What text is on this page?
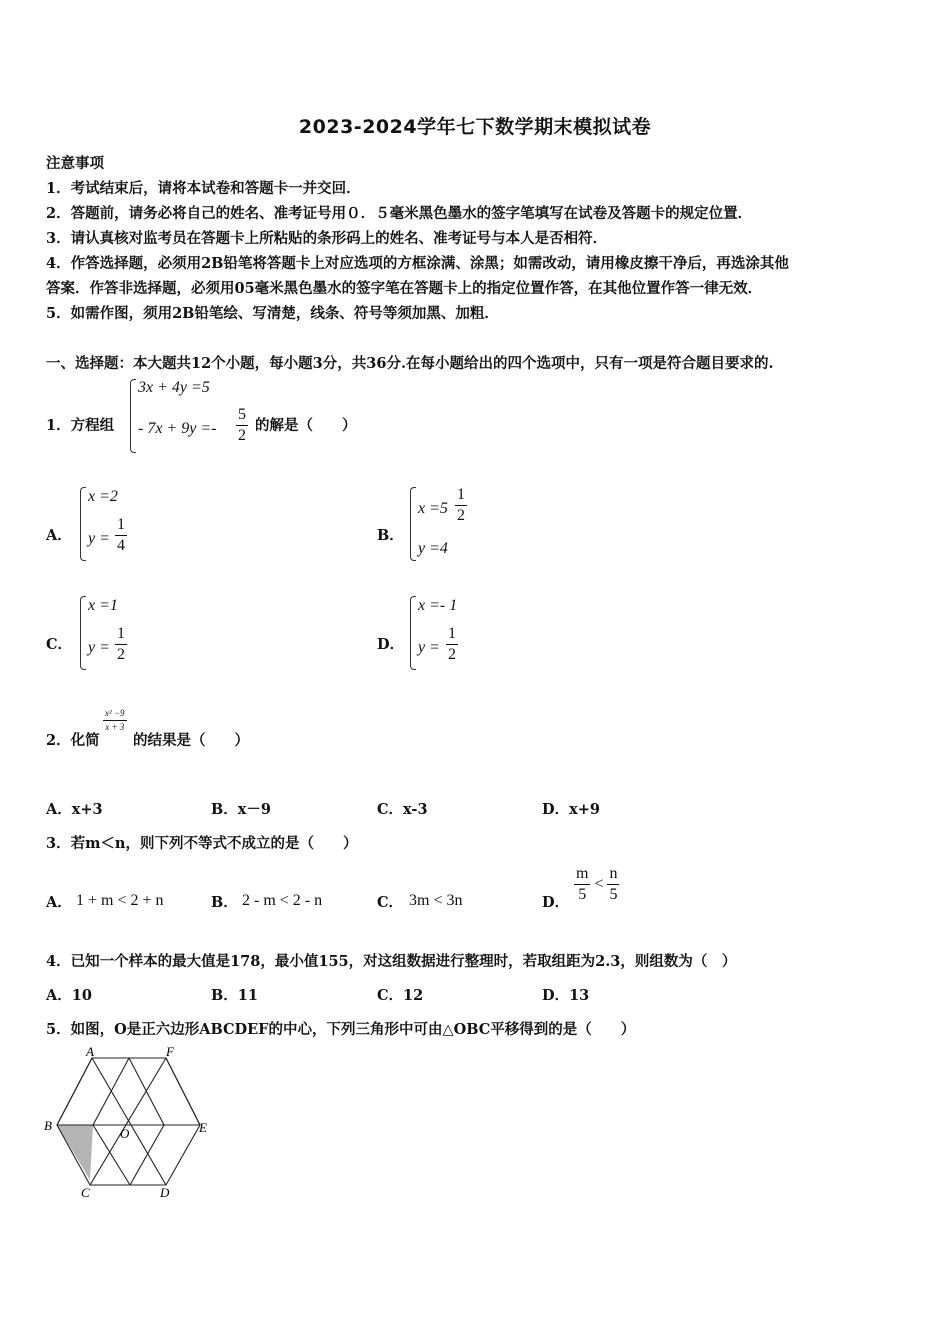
2023-2024学年七下数学期末模拟试卷
注意事项
1．考试结束后，请将本试卷和答题卡一并交回．
2．答题前，请务必将自己的姓名、准考证号用０．５毫米黑色墨水的签字笔填写在试卷及答题卡的规定位置．
3．请认真核对监考员在答题卡上所粘贴的条形码上的姓名、准考证号与本人是否相符．
4．作答选择题，必须用2B铅笔将答题卡上对应选项的方框涂满、涂黑；如需改动，请用橡皮擦干净后，再选涂其他
答案．作答非选择题，必须用05毫米黑色墨水的签字笔在答题卡上的指定位置作答，在其他位置作答一律无效．
5．如需作图，须用2B铅笔绘、写清楚，线条、符号等须加黑、加粗．
一、选择题：本大题共12个小题，每小题3分，共36分.在每小题给出的四个选项中，只有一项是符合题目要求的.
1．方程组
3x + 4y =5
- $7x + 9y =- \frac{5}{2}$ 的解是（　　）
A．
x =2
$y = \frac{1}{4}$	B．
$x =5 \frac{1}{2}$
y =4
C．
x =1
$y = \frac{1}{2}$	D．
x =- 1
$y = \frac{1}{2}$
2．化简
$\frac{\text{x² −9}}{x + 3}$
的结果是（　　）
A．x+3	B．x－9	C．x-3	D．x+9
3．若m＜n，则下列不等式不成立的是（　　）
A． 1 + m < 2 + n	B． 2 - m < 2 - n	C． 3m < 3n	D． $\frac{m}{5} < \frac{n}{5}$
4．已知一个样本的最大值是178，最小值155，对这组数据进行整理时，若取组距为2.3，则组数为（　）
A．10	B．11	C．12	D．13
5．如图，O是正六边形ABCDEF的中心，下列三角形中可由△OBC平移得到的是（　　）
A	F
B
O	E
C	D
